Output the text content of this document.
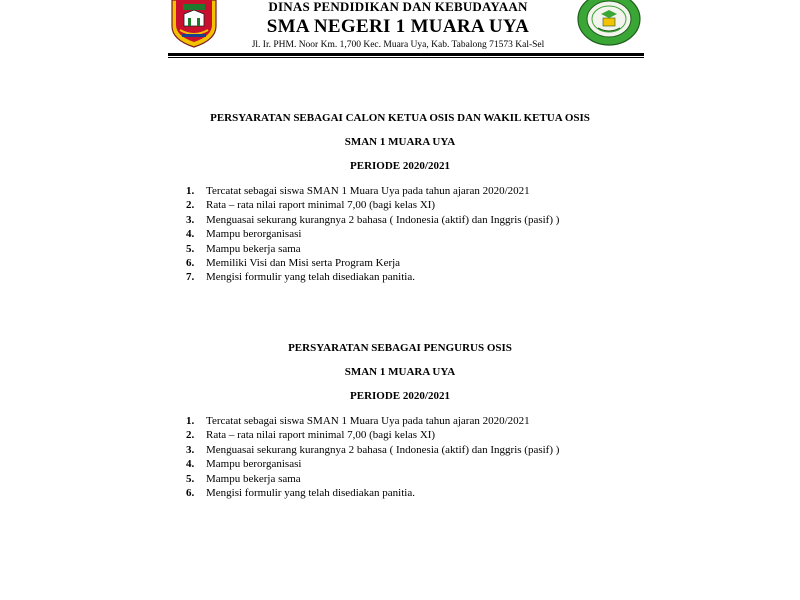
DINAS PENDIDIKAN DAN KEBUDAYAAN
SMA NEGERI 1 MUARA UYA
Jl. Ir. PHM. Noor Km. 1,700 Kec. Muara Uya, Kab. Tabalong 71573 Kal-Sel
PERSYARATAN SEBAGAI CALON KETUA OSIS DAN WAKIL KETUA OSIS
SMAN 1 MUARA UYA
PERIODE 2020/2021
1.	Tercatat sebagai siswa SMAN 1 Muara Uya pada tahun ajaran 2020/2021
2.	Rata – rata nilai raport minimal 7,00 (bagi kelas XI)
3.	Menguasai sekurang kurangnya 2 bahasa ( Indonesia (aktif) dan Inggris (pasif) )
4.	Mampu berorganisasi
5.	Mampu bekerja sama
6.	Memiliki Visi dan Misi serta Program Kerja
7.	Mengisi formulir yang telah disediakan panitia.
PERSYARATAN SEBAGAI PENGURUS OSIS
SMAN 1 MUARA UYA
PERIODE 2020/2021
1.	Tercatat sebagai siswa SMAN 1 Muara Uya pada tahun ajaran 2020/2021
2.	Rata – rata nilai raport minimal 7,00 (bagi kelas XI)
3.	Menguasai sekurang kurangnya 2 bahasa ( Indonesia (aktif) dan Inggris (pasif) )
4.	Mampu berorganisasi
5.	Mampu bekerja sama
6.	Mengisi formulir yang telah disediakan panitia.
